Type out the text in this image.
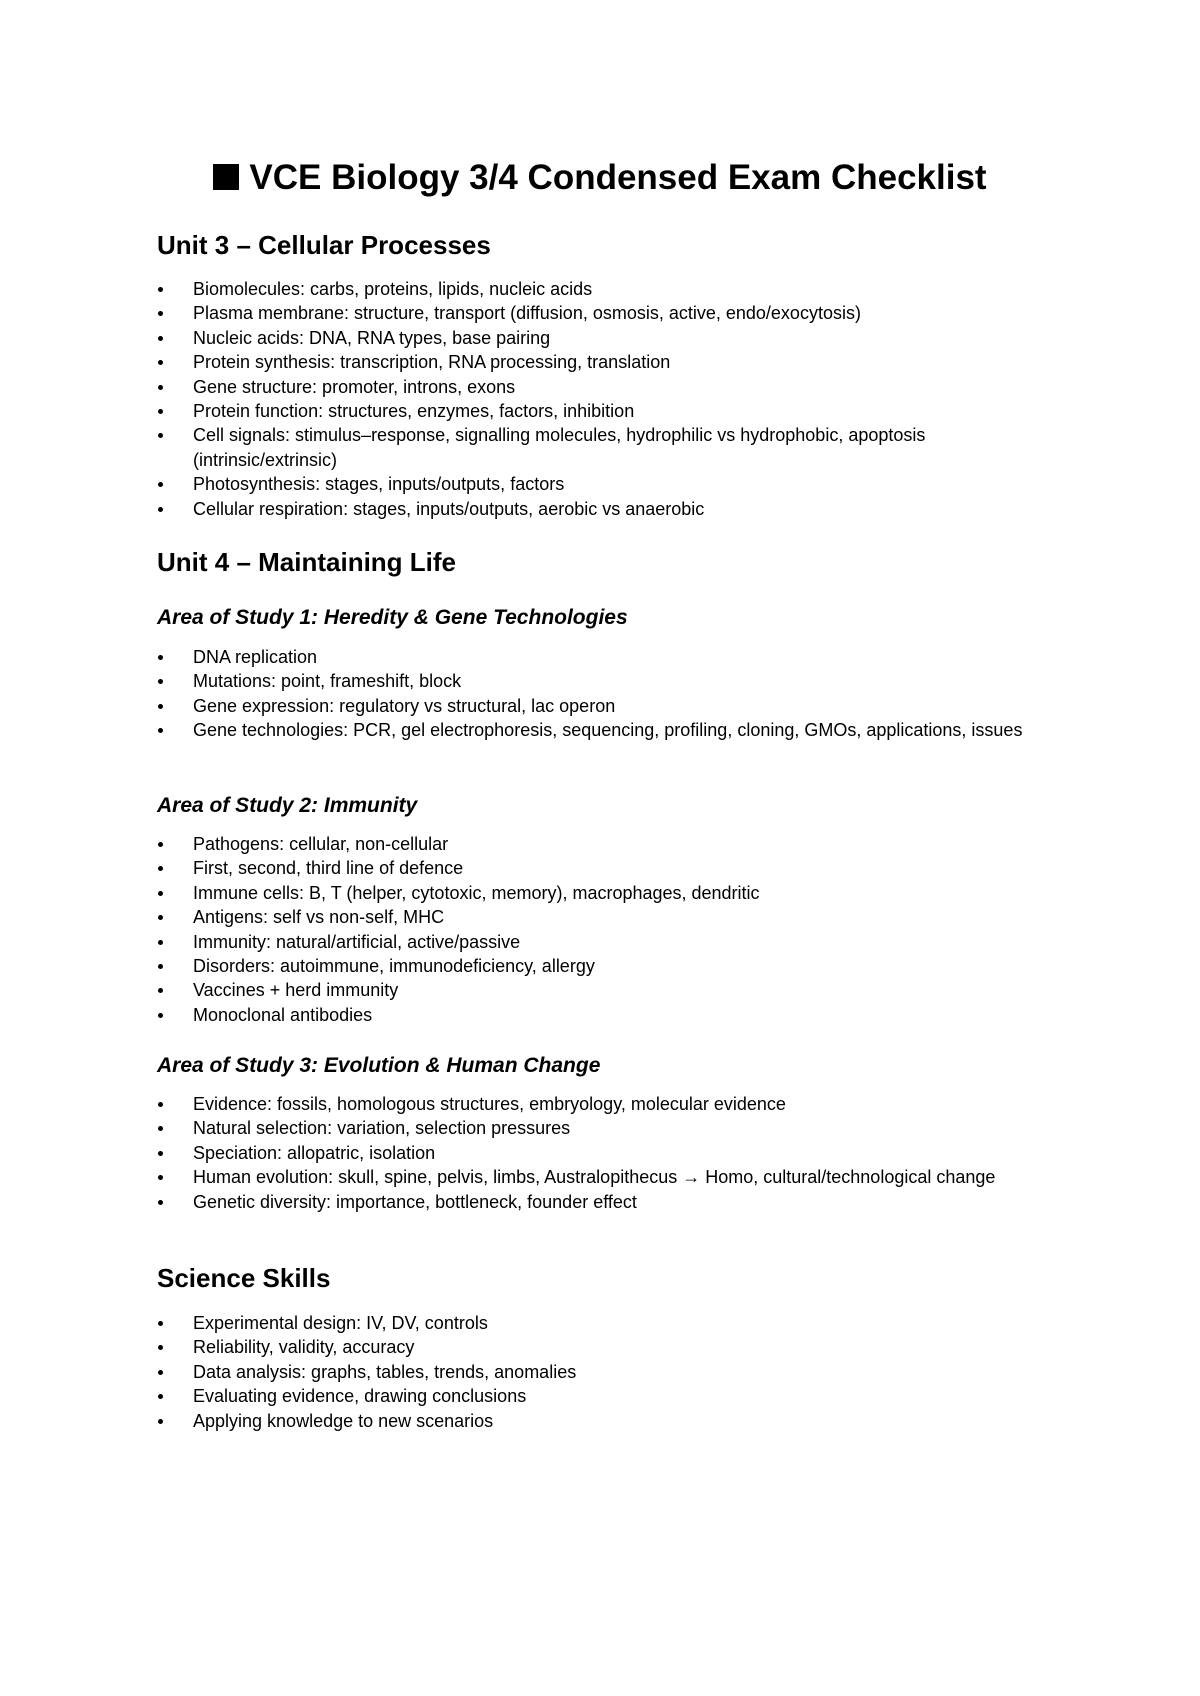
VCE Biology 3/4 Condensed Exam Checklist
Unit 3 – Cellular Processes
Biomolecules: carbs, proteins, lipids, nucleic acids
Plasma membrane: structure, transport (diffusion, osmosis, active, endo/exocytosis)
Nucleic acids: DNA, RNA types, base pairing
Protein synthesis: transcription, RNA processing, translation
Gene structure: promoter, introns, exons
Protein function: structures, enzymes, factors, inhibition
Cell signals: stimulus–response, signalling molecules, hydrophilic vs hydrophobic, apoptosis (intrinsic/extrinsic)
Photosynthesis: stages, inputs/outputs, factors
Cellular respiration: stages, inputs/outputs, aerobic vs anaerobic
Unit 4 – Maintaining Life
Area of Study 1: Heredity & Gene Technologies
DNA replication
Mutations: point, frameshift, block
Gene expression: regulatory vs structural, lac operon
Gene technologies: PCR, gel electrophoresis, sequencing, profiling, cloning, GMOs, applications, issues
Area of Study 2: Immunity
Pathogens: cellular, non-cellular
First, second, third line of defence
Immune cells: B, T (helper, cytotoxic, memory), macrophages, dendritic
Antigens: self vs non-self, MHC
Immunity: natural/artificial, active/passive
Disorders: autoimmune, immunodeficiency, allergy
Vaccines + herd immunity
Monoclonal antibodies
Area of Study 3: Evolution & Human Change
Evidence: fossils, homologous structures, embryology, molecular evidence
Natural selection: variation, selection pressures
Speciation: allopatric, isolation
Human evolution: skull, spine, pelvis, limbs, Australopithecus → Homo, cultural/technological change
Genetic diversity: importance, bottleneck, founder effect
Science Skills
Experimental design: IV, DV, controls
Reliability, validity, accuracy
Data analysis: graphs, tables, trends, anomalies
Evaluating evidence, drawing conclusions
Applying knowledge to new scenarios
